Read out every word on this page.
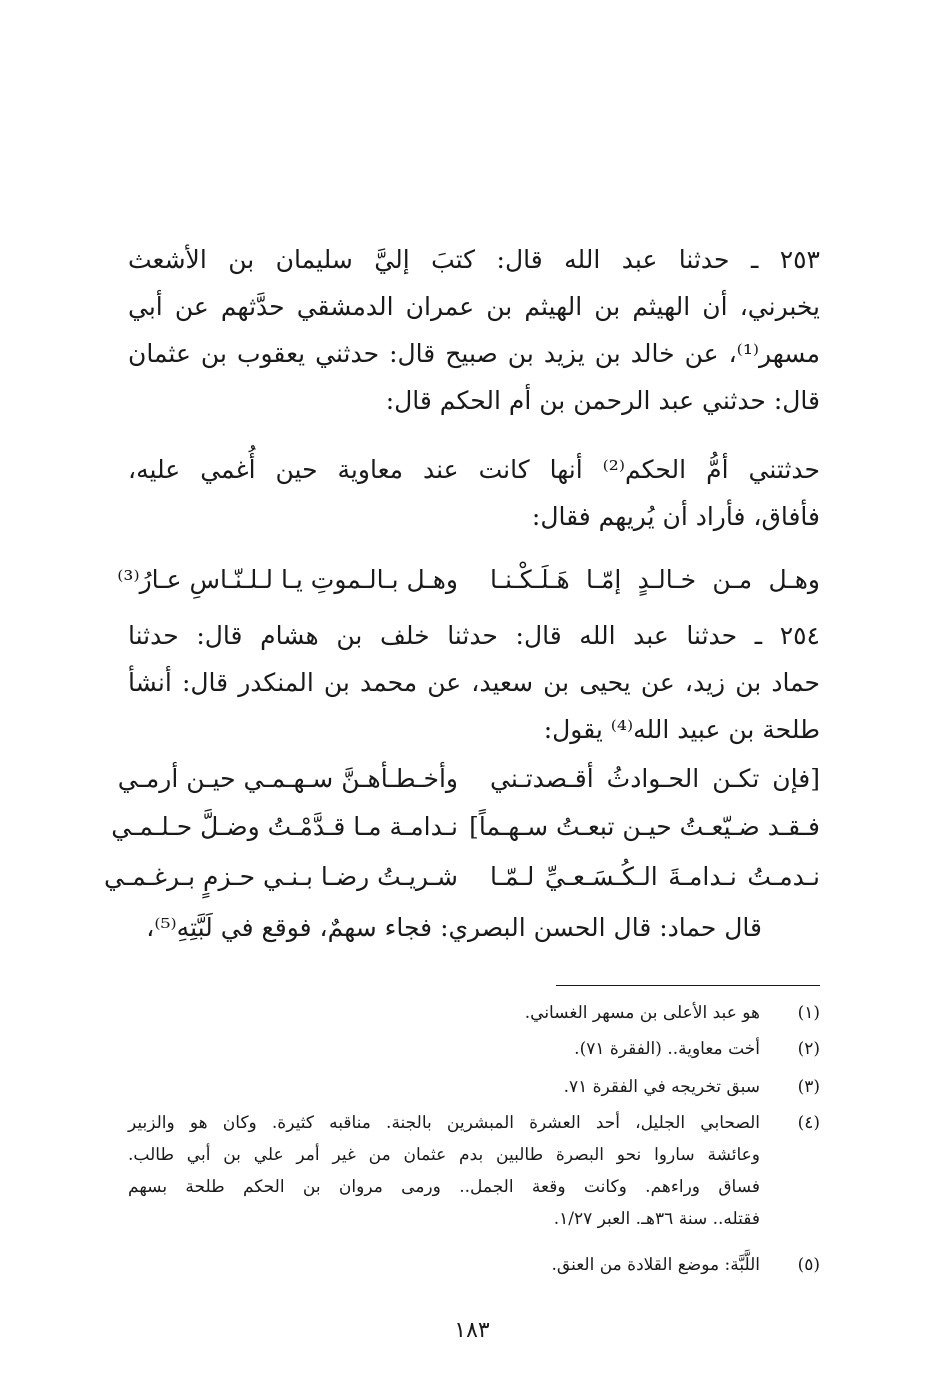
٢٥٣ ـ حدثنا عبد الله قال: كتبَ إليَّ سليمان بن الأشعث
يخبرني، أن الهيثم بن الهيثم بن عمران الدمشقي حدَّثهم عن أبي
مسهر⁽¹⁾، عن خالد بن يزيد بن صبيح قال: حدثني يعقوب بن عثمان
قال: حدثني عبد الرحمن بن أم الحكم قال:
حدثتني أمُّ الحكم⁽²⁾ أنها كانت عند معاوية حين أُغمي عليه،
فأفاق، فأراد أن يُريهم فقال:
وهـل مـن خـالـدٍ إمّـا هَـلَـكْـنـا
وهـل بـالـموتِ يـا لـلـنّـاسِ عـارُ⁽³⁾
٢٥٤ ـ حدثنا عبد الله قال: حدثنا خلف بن هشام قال: حدثنا
حماد بن زيد، عن يحيى بن سعيد، عن محمد بن المنكدر قال: أنشأ
طلحة بن عبيد الله⁽⁴⁾ يقول:
[فإن تكـن الحـوادثُ أقـصدتـني
وأخـطـأهـنَّ سـهـمـي حيـن أرمـي
فـقـد ضـيّعـتُ حيـن تبعـتُ سـهـماً]
نـدامـة مـا قـدَّمْـتُ وضـلَّ حـلـمـي
نـدمـتُ نـدامـةَ الـكُـسَـعـيِّ لـمّـا
شـريـتُ رضـا بـنـي حـزمٍ بـرغـمـي
قال حماد: قال الحسن البصري: فجاء سهمٌ، فوقع في لَبَّتِهِ⁽⁵⁾،
(١)
هو عبد الأعلى بن مسهر الغساني.
(٢)
أخت معاوية.. (الفقرة ٧١).
(٣)
سبق تخريجه في الفقرة ٧١.
(٤)
الصحابي الجليل، أحد العشرة المبشرين بالجنة. مناقبه كثيرة. وكان هو والزبير
وعائشة ساروا نحو البصرة طالبين بدم عثمان من غير أمر علي بن أبي طالب.
فساق وراءهم. وكانت وقعة الجمل.. ورمى مروان بن الحكم طلحة بسهم
فقتله.. سنة ٣٦هـ. العبر ١/٢٧.
(٥)
اللَّبَّة: موضع القلادة من العنق.
١٨٣
